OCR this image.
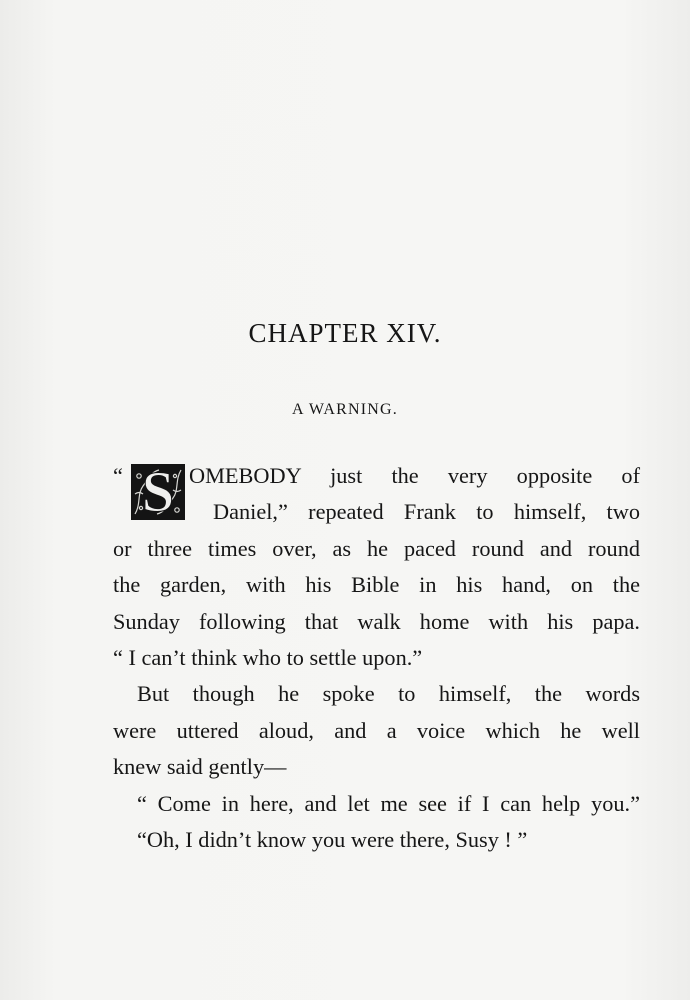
CHAPTER XIV.
A WARNING.
“ S OMEBODY just the very opposite of
Daniel,” repeated Frank to himself, two
or three times over, as he paced round and round
the garden, with his Bible in his hand, on the
Sunday following that walk home with his papa.
“ I can’t think who to settle upon.”
But though he spoke to himself, the words
were uttered aloud, and a voice which he well
knew said gently—
“ Come in here, and let me see if I can help you.”
“Oh, I didn’t know you were there, Susy ! ”
